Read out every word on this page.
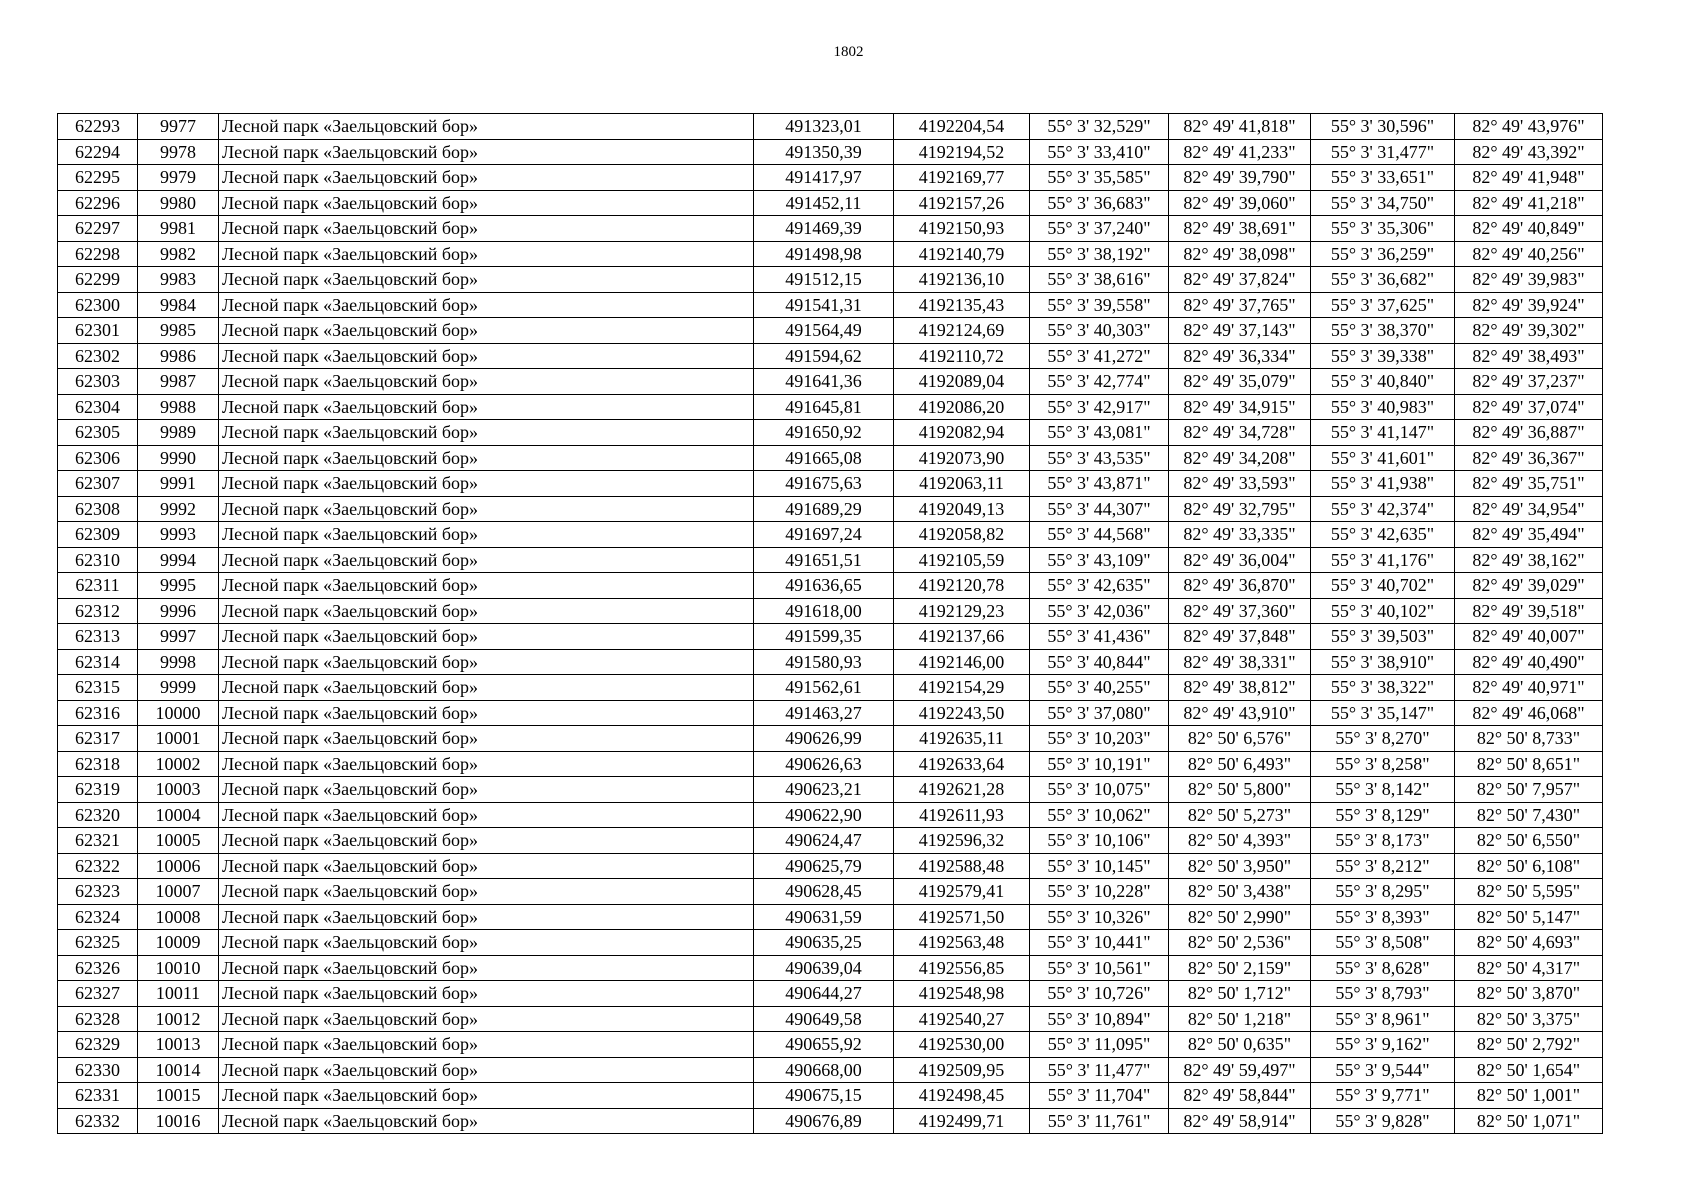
1802
62293	9977	Лесной парк «Заельцовский бор»	491323,01	4192204,54	55° 3' 32,529"	82° 49' 41,818"	55° 3' 30,596"	82° 49' 43,976"
62294	9978	Лесной парк «Заельцовский бор»	491350,39	4192194,52	55° 3' 33,410"	82° 49' 41,233"	55° 3' 31,477"	82° 49' 43,392"
62295	9979	Лесной парк «Заельцовский бор»	491417,97	4192169,77	55° 3' 35,585"	82° 49' 39,790"	55° 3' 33,651"	82° 49' 41,948"
62296	9980	Лесной парк «Заельцовский бор»	491452,11	4192157,26	55° 3' 36,683"	82° 49' 39,060"	55° 3' 34,750"	82° 49' 41,218"
62297	9981	Лесной парк «Заельцовский бор»	491469,39	4192150,93	55° 3' 37,240"	82° 49' 38,691"	55° 3' 35,306"	82° 49' 40,849"
62298	9982	Лесной парк «Заельцовский бор»	491498,98	4192140,79	55° 3' 38,192"	82° 49' 38,098"	55° 3' 36,259"	82° 49' 40,256"
62299	9983	Лесной парк «Заельцовский бор»	491512,15	4192136,10	55° 3' 38,616"	82° 49' 37,824"	55° 3' 36,682"	82° 49' 39,983"
62300	9984	Лесной парк «Заельцовский бор»	491541,31	4192135,43	55° 3' 39,558"	82° 49' 37,765"	55° 3' 37,625"	82° 49' 39,924"
62301	9985	Лесной парк «Заельцовский бор»	491564,49	4192124,69	55° 3' 40,303"	82° 49' 37,143"	55° 3' 38,370"	82° 49' 39,302"
62302	9986	Лесной парк «Заельцовский бор»	491594,62	4192110,72	55° 3' 41,272"	82° 49' 36,334"	55° 3' 39,338"	82° 49' 38,493"
62303	9987	Лесной парк «Заельцовский бор»	491641,36	4192089,04	55° 3' 42,774"	82° 49' 35,079"	55° 3' 40,840"	82° 49' 37,237"
62304	9988	Лесной парк «Заельцовский бор»	491645,81	4192086,20	55° 3' 42,917"	82° 49' 34,915"	55° 3' 40,983"	82° 49' 37,074"
62305	9989	Лесной парк «Заельцовский бор»	491650,92	4192082,94	55° 3' 43,081"	82° 49' 34,728"	55° 3' 41,147"	82° 49' 36,887"
62306	9990	Лесной парк «Заельцовский бор»	491665,08	4192073,90	55° 3' 43,535"	82° 49' 34,208"	55° 3' 41,601"	82° 49' 36,367"
62307	9991	Лесной парк «Заельцовский бор»	491675,63	4192063,11	55° 3' 43,871"	82° 49' 33,593"	55° 3' 41,938"	82° 49' 35,751"
62308	9992	Лесной парк «Заельцовский бор»	491689,29	4192049,13	55° 3' 44,307"	82° 49' 32,795"	55° 3' 42,374"	82° 49' 34,954"
62309	9993	Лесной парк «Заельцовский бор»	491697,24	4192058,82	55° 3' 44,568"	82° 49' 33,335"	55° 3' 42,635"	82° 49' 35,494"
62310	9994	Лесной парк «Заельцовский бор»	491651,51	4192105,59	55° 3' 43,109"	82° 49' 36,004"	55° 3' 41,176"	82° 49' 38,162"
62311	9995	Лесной парк «Заельцовский бор»	491636,65	4192120,78	55° 3' 42,635"	82° 49' 36,870"	55° 3' 40,702"	82° 49' 39,029"
62312	9996	Лесной парк «Заельцовский бор»	491618,00	4192129,23	55° 3' 42,036"	82° 49' 37,360"	55° 3' 40,102"	82° 49' 39,518"
62313	9997	Лесной парк «Заельцовский бор»	491599,35	4192137,66	55° 3' 41,436"	82° 49' 37,848"	55° 3' 39,503"	82° 49' 40,007"
62314	9998	Лесной парк «Заельцовский бор»	491580,93	4192146,00	55° 3' 40,844"	82° 49' 38,331"	55° 3' 38,910"	82° 49' 40,490"
62315	9999	Лесной парк «Заельцовский бор»	491562,61	4192154,29	55° 3' 40,255"	82° 49' 38,812"	55° 3' 38,322"	82° 49' 40,971"
62316	10000	Лесной парк «Заельцовский бор»	491463,27	4192243,50	55° 3' 37,080"	82° 49' 43,910"	55° 3' 35,147"	82° 49' 46,068"
62317	10001	Лесной парк «Заельцовский бор»	490626,99	4192635,11	55° 3' 10,203"	82° 50' 6,576"	55° 3' 8,270"	82° 50' 8,733"
62318	10002	Лесной парк «Заельцовский бор»	490626,63	4192633,64	55° 3' 10,191"	82° 50' 6,493"	55° 3' 8,258"	82° 50' 8,651"
62319	10003	Лесной парк «Заельцовский бор»	490623,21	4192621,28	55° 3' 10,075"	82° 50' 5,800"	55° 3' 8,142"	82° 50' 7,957"
62320	10004	Лесной парк «Заельцовский бор»	490622,90	4192611,93	55° 3' 10,062"	82° 50' 5,273"	55° 3' 8,129"	82° 50' 7,430"
62321	10005	Лесной парк «Заельцовский бор»	490624,47	4192596,32	55° 3' 10,106"	82° 50' 4,393"	55° 3' 8,173"	82° 50' 6,550"
62322	10006	Лесной парк «Заельцовский бор»	490625,79	4192588,48	55° 3' 10,145"	82° 50' 3,950"	55° 3' 8,212"	82° 50' 6,108"
62323	10007	Лесной парк «Заельцовский бор»	490628,45	4192579,41	55° 3' 10,228"	82° 50' 3,438"	55° 3' 8,295"	82° 50' 5,595"
62324	10008	Лесной парк «Заельцовский бор»	490631,59	4192571,50	55° 3' 10,326"	82° 50' 2,990"	55° 3' 8,393"	82° 50' 5,147"
62325	10009	Лесной парк «Заельцовский бор»	490635,25	4192563,48	55° 3' 10,441"	82° 50' 2,536"	55° 3' 8,508"	82° 50' 4,693"
62326	10010	Лесной парк «Заельцовский бор»	490639,04	4192556,85	55° 3' 10,561"	82° 50' 2,159"	55° 3' 8,628"	82° 50' 4,317"
62327	10011	Лесной парк «Заельцовский бор»	490644,27	4192548,98	55° 3' 10,726"	82° 50' 1,712"	55° 3' 8,793"	82° 50' 3,870"
62328	10012	Лесной парк «Заельцовский бор»	490649,58	4192540,27	55° 3' 10,894"	82° 50' 1,218"	55° 3' 8,961"	82° 50' 3,375"
62329	10013	Лесной парк «Заельцовский бор»	490655,92	4192530,00	55° 3' 11,095"	82° 50' 0,635"	55° 3' 9,162"	82° 50' 2,792"
62330	10014	Лесной парк «Заельцовский бор»	490668,00	4192509,95	55° 3' 11,477"	82° 49' 59,497"	55° 3' 9,544"	82° 50' 1,654"
62331	10015	Лесной парк «Заельцовский бор»	490675,15	4192498,45	55° 3' 11,704"	82° 49' 58,844"	55° 3' 9,771"	82° 50' 1,001"
62332	10016	Лесной парк «Заельцовский бор»	490676,89	4192499,71	55° 3' 11,761"	82° 49' 58,914"	55° 3' 9,828"	82° 50' 1,071"
